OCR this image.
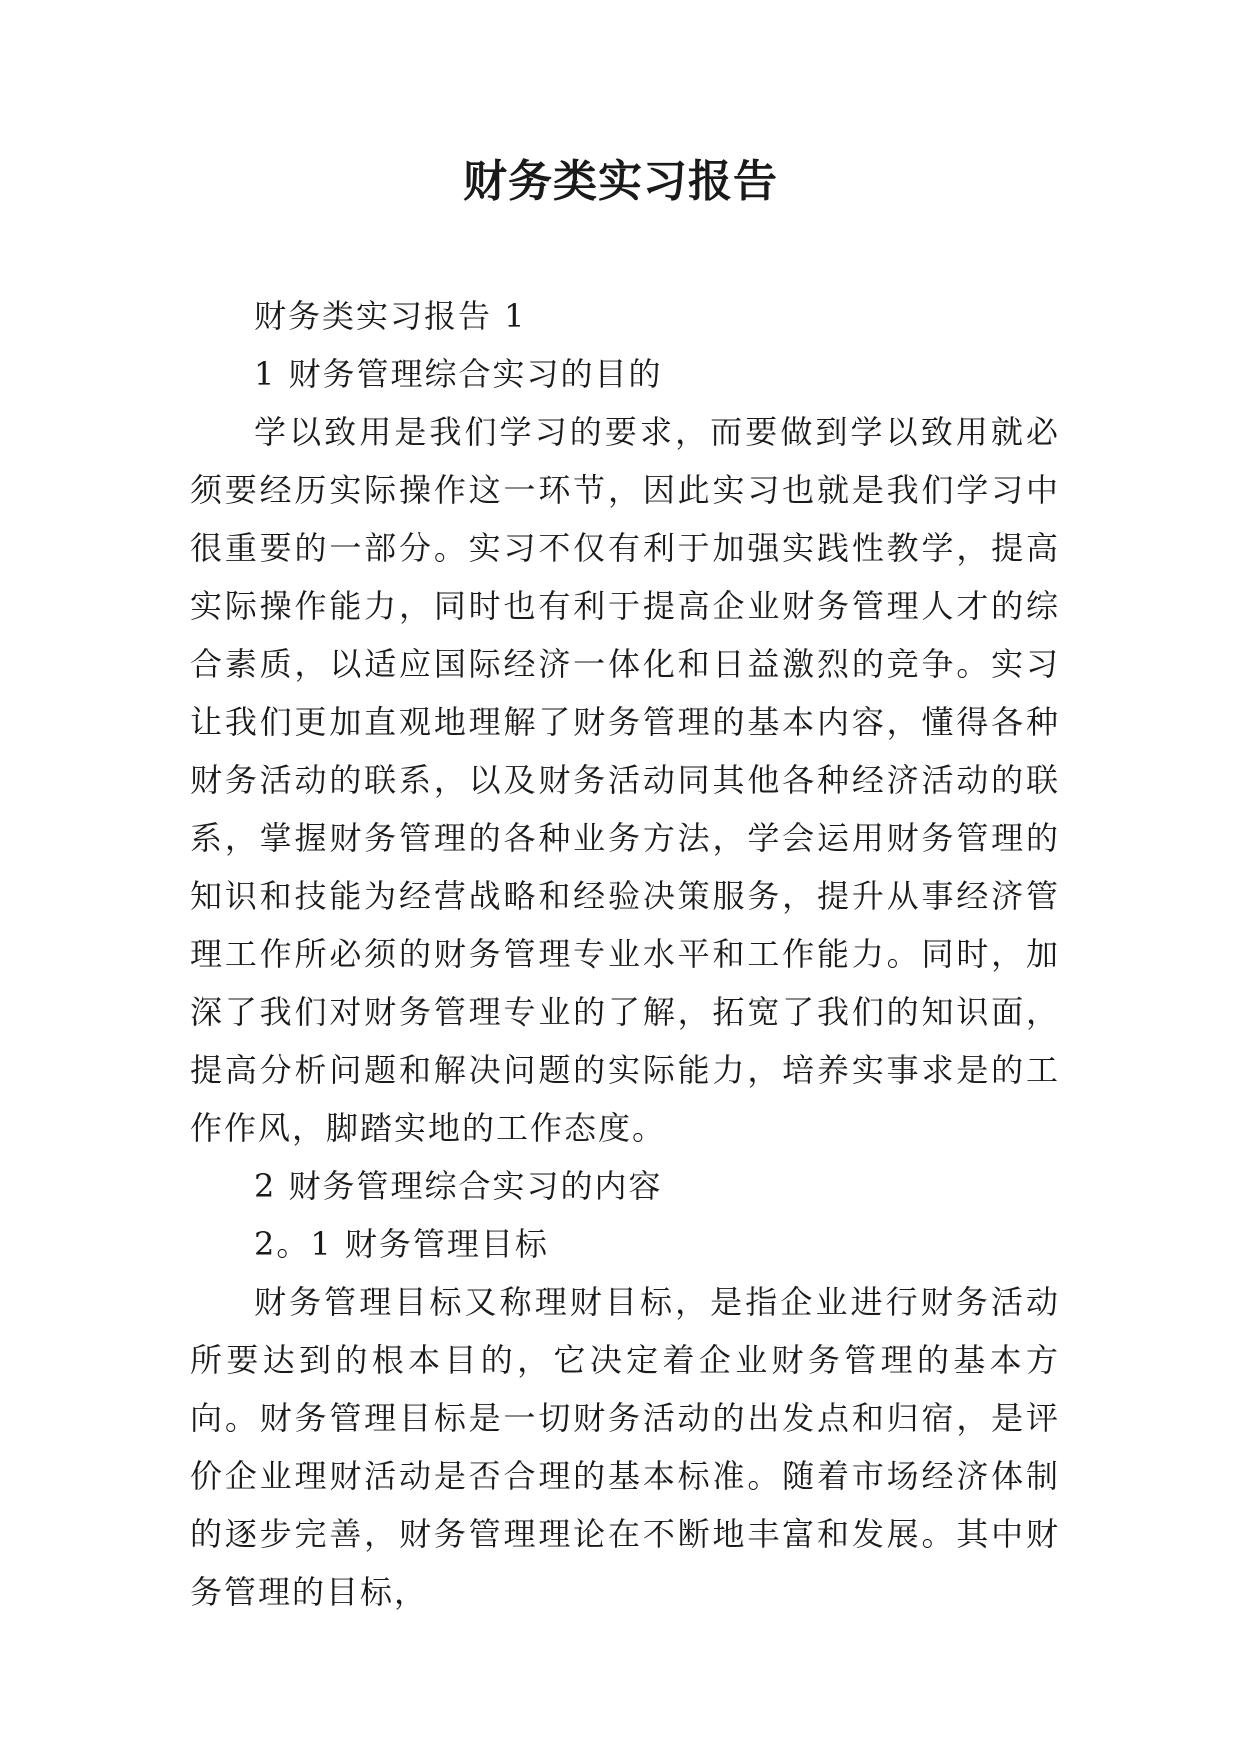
财务类实习报告

财务类实习报告 1

1 财务管理综合实习的目的

学以致用是我们学习的要求，而要做到学以致用就必须要经历实际操作这一环节，因此实习也就是我们学习中很重要的一部分。实习不仅有利于加强实践性教学，提高实际操作能力，同时也有利于提高企业财务管理人才的综合素质，以适应国际经济一体化和日益激烈的竞争。实习让我们更加直观地理解了财务管理的基本内容，懂得各种财务活动的联系，以及财务活动同其他各种经济活动的联系，掌握财务管理的各种业务方法，学会运用财务管理的知识和技能为经营战略和经验决策服务，提升从事经济管理工作所必须的财务管理专业水平和工作能力。同时，加深了我们对财务管理专业的了解，拓宽了我们的知识面，提高分析问题和解决问题的实际能力，培养实事求是的工作作风，脚踏实地的工作态度。

2 财务管理综合实习的内容

2。1 财务管理目标

财务管理目标又称理财目标，是指企业进行财务活动所要达到的根本目的，它决定着企业财务管理的基本方向。财务管理目标是一切财务活动的出发点和归宿，是评价企业理财活动是否合理的基本标准。随着市场经济体制的逐步完善，财务管理理论在不断地丰富和发展。其中财务管理的目标，
